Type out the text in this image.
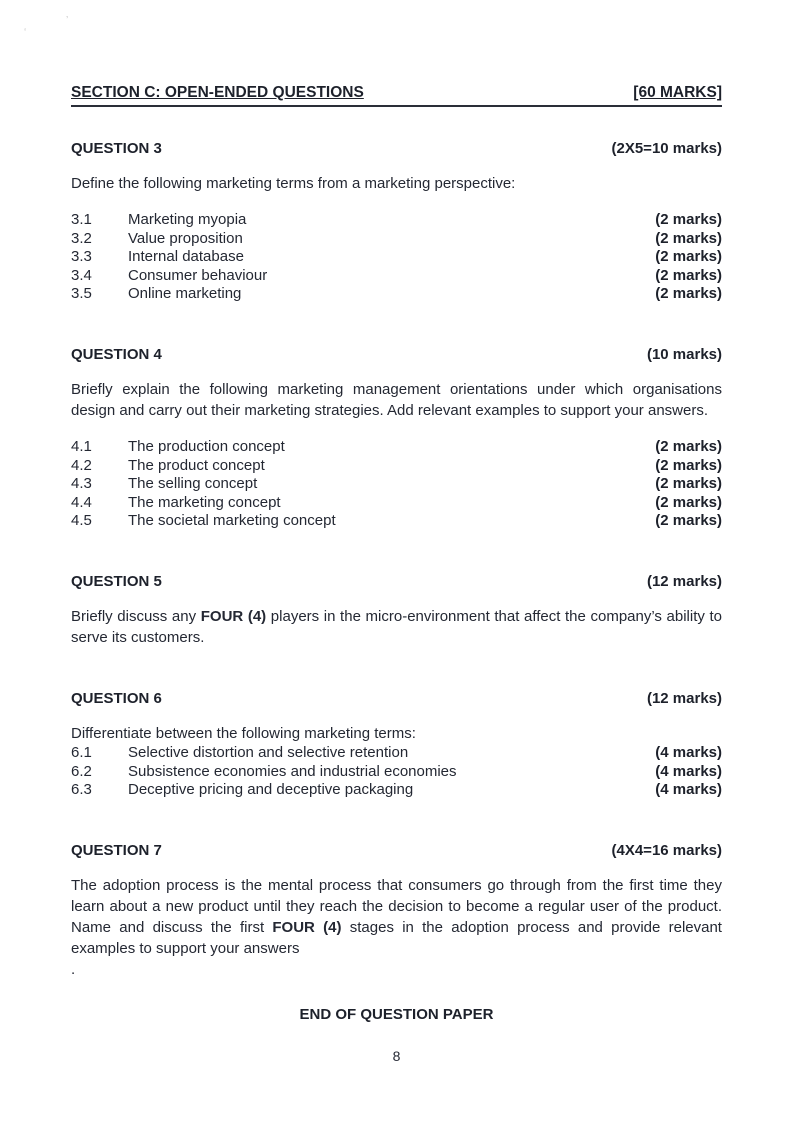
’
‘
SECTION C: OPEN-ENDED QUESTIONS	[60 MARKS]
QUESTION 3	(2X5=10 marks)

Define the following marketing terms from a marketing perspective:

3.1	Marketing myopia	(2 marks)
3.2	Value proposition	(2 marks)
3.3	Internal database	(2 marks)
3.4	Consumer behaviour	(2 marks)
3.5	Online marketing	(2 marks)
QUESTION 4	(10 marks)

Briefly explain the following marketing management orientations under which organisations design and carry out their marketing strategies. Add relevant examples to support your answers.

4.1	The production concept	(2 marks)
4.2	The product concept	(2 marks)
4.3	The selling concept	(2 marks)
4.4	The marketing concept	(2 marks)
4.5	The societal marketing concept	(2 marks)
QUESTION 5	(12 marks)

Briefly discuss any FOUR (4) players in the micro-environment that affect the company’s ability to serve its customers.

QUESTION 6	(12 marks)

Differentiate between the following marketing terms:

6.1	Selective distortion and selective retention	(4 marks)
6.2	Subsistence economies and industrial economies	(4 marks)
6.3	Deceptive pricing and deceptive packaging	(4 marks)
QUESTION 7	(4X4=16 marks)

The adoption process is the mental process that consumers go through from the first time they learn about a new product until they reach the decision to become a regular user of the product. Name and discuss the first FOUR (4) stages in the adoption process and provide relevant examples to support your answers

.

END OF QUESTION PAPER
8
